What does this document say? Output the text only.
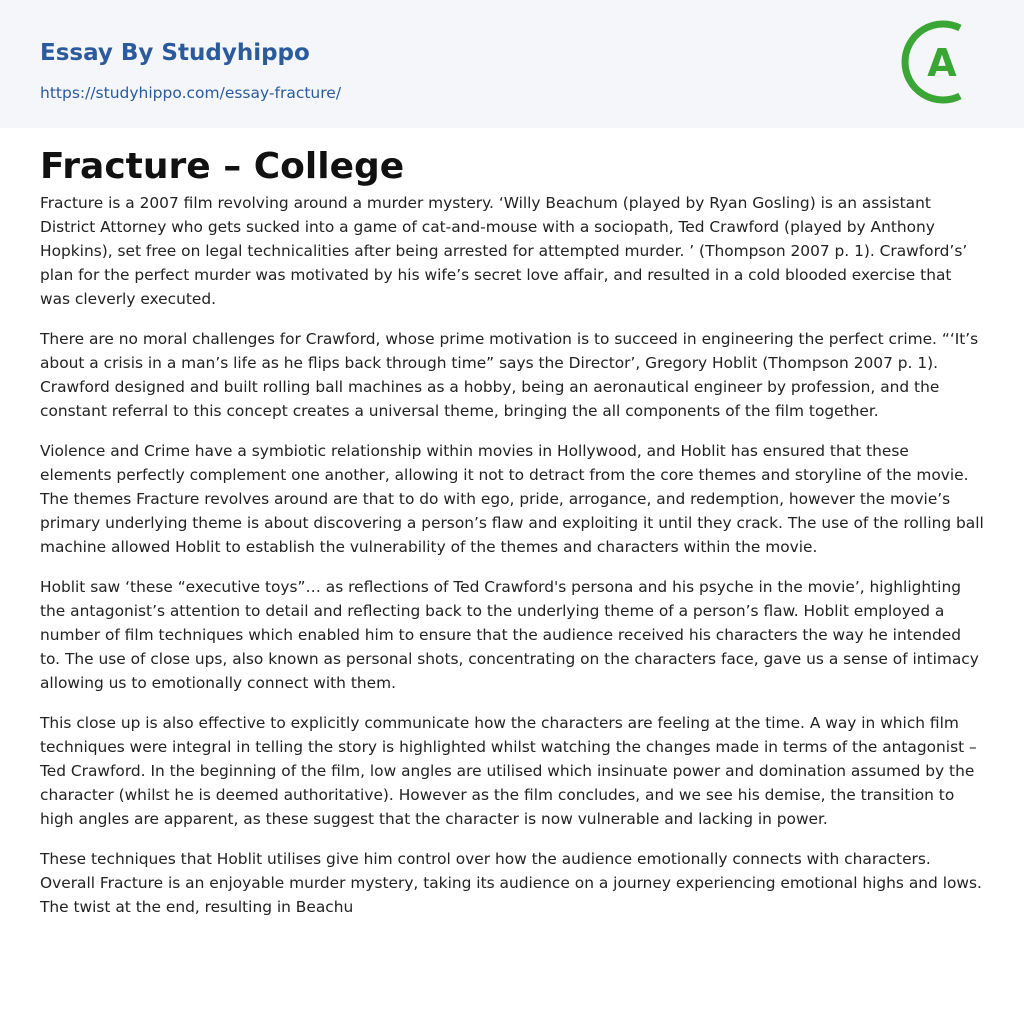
Essay By Studyhippo
https://studyhippo.com/essay-fracture/
A
Fracture – College

Fracture is a 2007 film revolving around a murder mystery. ‘Willy Beachum (played by Ryan Gosling) is an assistant District Attorney who gets sucked into a game of cat-and-mouse with a sociopath, Ted Crawford (played by Anthony Hopkins), set free on legal technicalities after being arrested for attempted murder. ’ (Thompson 2007 p. 1). Crawford’s’ plan for the perfect murder was motivated by his wife’s secret love affair, and resulted in a cold blooded exercise that was cleverly executed.

There are no moral challenges for Crawford, whose prime motivation is to succeed in engineering the perfect crime. “‘It’s about a crisis in a man’s life as he flips back through time” says the Director’, Gregory Hoblit (Thompson 2007 p. 1). Crawford designed and built rolling ball machines as a hobby, being an aeronautical engineer by profession, and the constant referral to this concept creates a universal theme, bringing the all components of the film together.

Violence and Crime have a symbiotic relationship within movies in Hollywood, and Hoblit has ensured that these elements perfectly complement one another, allowing it not to detract from the core themes and storyline of the movie. The themes Fracture revolves around are that to do with ego, pride, arrogance, and redemption, however the movie’s primary underlying theme is about discovering a person’s flaw and exploiting it until they crack. The use of the rolling ball machine allowed Hoblit to establish the vulnerability of the themes and characters within the movie.

Hoblit saw ‘these “executive toys”… as reflections of Ted Crawford's persona and his psyche in the movie’, highlighting the antagonist’s attention to detail and reflecting back to the underlying theme of a person’s flaw. Hoblit employed a number of film techniques which enabled him to ensure that the audience received his characters the way he intended to. The use of close ups, also known as personal shots, concentrating on the characters face, gave us a sense of intimacy allowing us to emotionally connect with them.

This close up is also effective to explicitly communicate how the characters are feeling at the time. A way in which film techniques were integral in telling the story is highlighted whilst watching the changes made in terms of the antagonist – Ted Crawford. In the beginning of the film, low angles are utilised which insinuate power and domination assumed by the character (whilst he is deemed authoritative). However as the film concludes, and we see his demise, the transition to high angles are apparent, as these suggest that the character is now vulnerable and lacking in power.

These techniques that Hoblit utilises give him control over how the audience emotionally connects with characters. Overall Fracture is an enjoyable murder mystery, taking its audience on a journey experiencing emotional highs and lows. The twist at the end, resulting in Beachu
